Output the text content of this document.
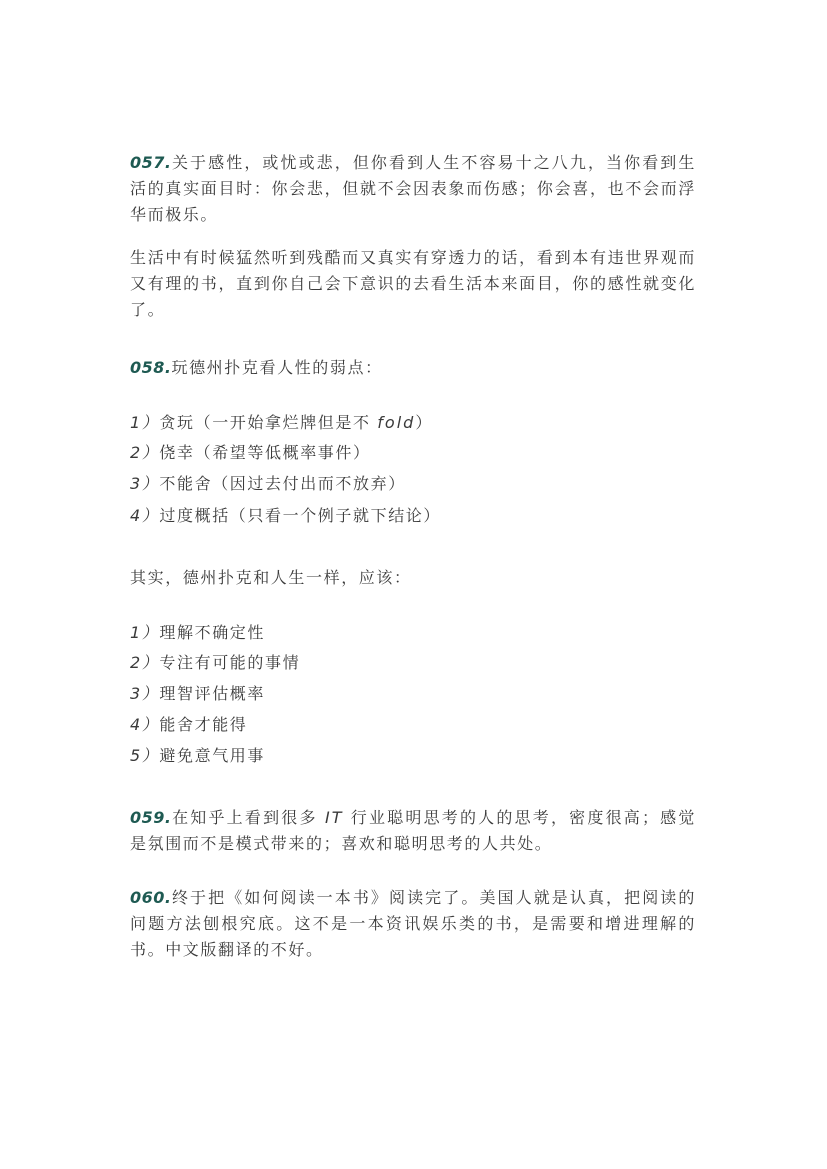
057.关于感性，或忧或悲，但你看到人生不容易十之八九，当你看到生活的真实面目时：你会悲，但就不会因表象而伤感；你会喜，也不会而浮华而极乐。

生活中有时候猛然听到残酷而又真实有穿透力的话，看到本有违世界观而又有理的书，直到你自己会下意识的去看生活本来面目，你的感性就变化了。

058.玩德州扑克看人性的弱点：

1）贪玩（一开始拿烂牌但是不 fold）

2）侥幸（希望等低概率事件）

3）不能舍（因过去付出而不放弃）

4）过度概括（只看一个例子就下结论）

其实，德州扑克和人生一样，应该：

1）理解不确定性

2）专注有可能的事情

3）理智评估概率

4）能舍才能得

5）避免意气用事

059.在知乎上看到很多 IT 行业聪明思考的人的思考，密度很高；感觉是氛围而不是模式带来的；喜欢和聪明思考的人共处。

060.终于把《如何阅读一本书》阅读完了。美国人就是认真，把阅读的问题方法刨根究底。这不是一本资讯娱乐类的书，是需要和增进理解的书。中文版翻译的不好。
